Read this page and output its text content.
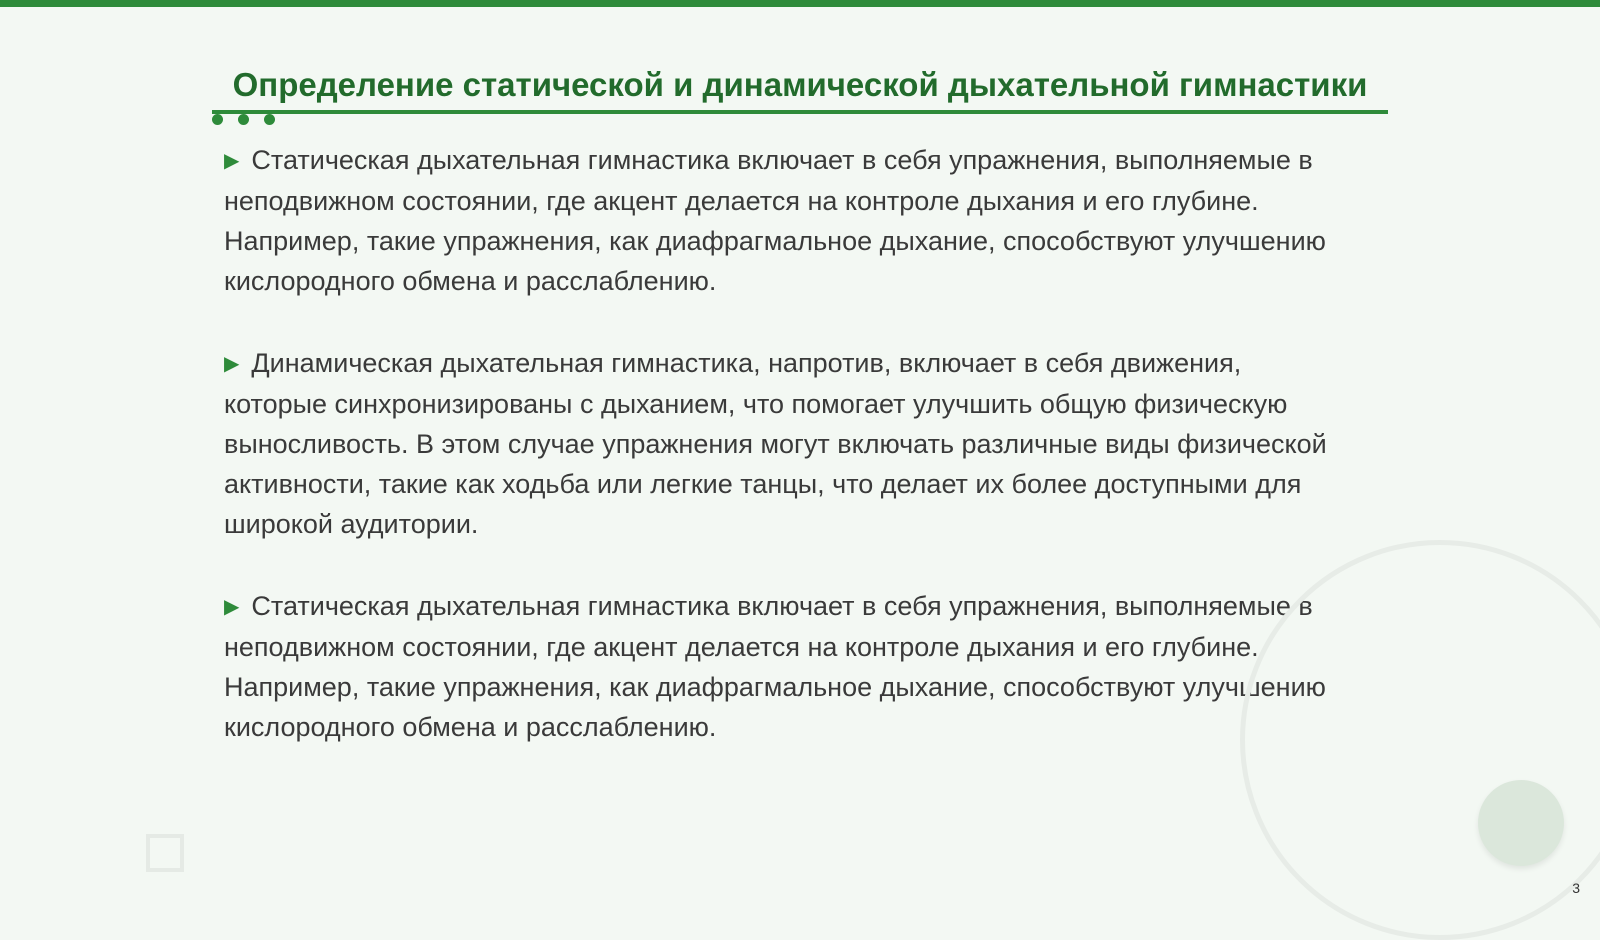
Определение статической и динамической дыхательной гимнастики

▶ Статическая дыхательная гимнастика включает в себя упражнения, выполняемые в неподвижном состоянии, где акцент делается на контроле дыхания и его глубине. Например, такие упражнения, как диафрагмальное дыхание, способствуют улучшению кислородного обмена и расслаблению.

▶ Динамическая дыхательная гимнастика, напротив, включает в себя движения, которые синхронизированы с дыханием, что помогает улучшить общую физическую выносливость. В этом случае упражнения могут включать различные виды физической активности, такие как ходьба или легкие танцы, что делает их более доступными для широкой аудитории.

▶ Статическая дыхательная гимнастика включает в себя упражнения, выполняемые в неподвижном состоянии, где акцент делается на контроле дыхания и его глубине. Например, такие упражнения, как диафрагмальное дыхание, способствуют улучшению кислородного обмена и расслаблению.

3
